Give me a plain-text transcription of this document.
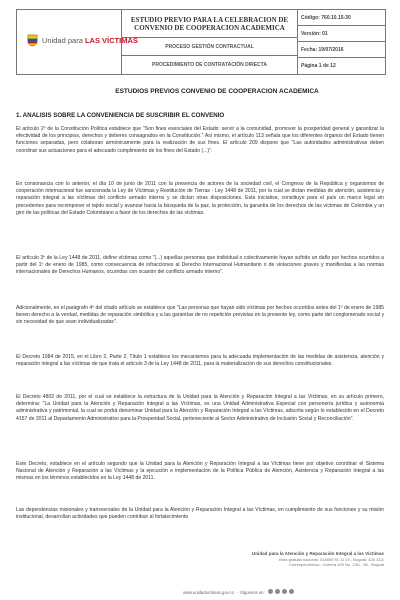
Unidad para LAS VÍCTIMAS
ESTUDIO PREVIO PARA LA CELEBRACION DE CONVENIO DE COOPERACION ACADEMICA
PROCESO GESTIÓN CONTRACTUAL
PROCEDIMIENTO DE CONTRATACIÓN DIRECTA
Código: 760.10.15-30
Versión: 01
Fecha: 19/07/2016
Página 1 de 12
ESTUDIOS PREVIOS CONVENIO DE COOPERACION ACADEMICA
1. ANALISIS SOBRE LA CONVENIENCIA DE SUSCRIBIR EL CONVENIO

El artículo 2º de la Constitución Política establece que "Son fines esenciales del Estado: servir a la comunidad, promover la prosperidad general y garantizar la efectividad de los principios, derechos y deberes consagrados en la Constitución." Así mismo, el artículo 113 señala que los diferentes órganos del Estado tienen funciones separadas, pero colaboran armónicamente para la realización de sus fines. El artículo 209 dispone que "Las autoridades administrativas deben coordinar sus actuaciones para el adecuado cumplimiento de los fines del Estado (...)".

En consonancia con lo anterior, el día 10 de junio de 2011 con la presencia de actores de la sociedad civil, el Congreso de la República y organismos de cooperación internacional fue sancionada la Ley de Víctimas y Restitución de Tierras - Ley 1448 de 2011, por la cual se dictan medidas de atención, asistencia y reparación integral a las víctimas del conflicto armado interno y se dictan otras disposiciones. Esta iniciativa, constituye para el país un marco legal sin precedentes para recomponer el tejido social y avanzar hacia la búsqueda de la paz, la protección, la garantía de los derechos de las víctimas de Colombia y un giro de las políticas del Estado Colombiano a favor de los derechos de las víctimas.

El artículo 3º de la Ley 1448 de 2011, define víctimas como "(...) aquellas personas que individual o colectivamente hayan sufrido un daño por hechos ocurridos a partir del 1º de enero de 1985, como consecuencia de infracciones al Derecho Internacional Humanitario o de violaciones graves y manifiestas a las normas internacionales de Derechos Humanos, ocurridas con ocasión del conflicto armado interno".

Adicionalmente, en el parágrafo 4º del citado artículo se establece que "Las personas que hayan sido víctimas por hechos ocurridos antes del 1º de enero de 1985 tienen derecho a la verdad, medidas de reparación simbólica y a las garantías de no repetición previstas en la presente ley, como parte del conglomerado social y sin necesidad de que sean individualizadas".

El Decreto 1084 de 2015, en el Libro 2, Parte 2, Título 1 establece los mecanismos para la adecuada implementación de las medidas de asistencia, atención y reparación integral a las víctimas de que trata el artículo 3 de la Ley 1448 de 2011, para la materialización de sus derechos constitucionales.

El Decreto 4802 de 2011, por el cual se establece la estructura de la Unidad para la Atención y Reparación Integral a las Víctimas, en su artículo primero, determina: "La Unidad para la Atención y Reparación Integral a las Víctimas, es una Unidad Administrativa Especial con personería jurídica y autonomía administrativa y patrimonial, la cual se podrá denominar Unidad para la Atención y Reparación Integral a las Víctimas, adscrita según lo establecido en el Decreto 4157 de 2011 al Departamento Administrativo para la Prosperidad Social, perteneciente al Sector Administrativo de Inclusión Social y Reconciliación".

Este Decreto, establece en el artículo segundo que la Unidad para la Atención y Reparación Integral a las Víctimas tiene por objetivo coordinar el Sistema Nacional de Atención y Reparación a las Víctimas y la ejecución e implementación de la Política Pública de Atención, Asistencia y Reparación Integral a las mismas en los términos establecidos en la Ley 1448 de 2011.

Las dependencias misionales y transversales de la Unidad para la Atención y Reparación Integral a las Víctimas, en cumplimiento de sus funciones y su misión institucional, desarrollan actividades que pueden contribuir al fortalecimiento

Unidad para la Atención y Reparación Integral a las Víctimas
línea gratuita nacional: 018000 91 11 19 - Bogotá: 426 1111
Correspondencia : Carrera 100 No. 24D - 55 - Bogotá
www.unidadvictimas.gov.co  -  Síguenos en:
